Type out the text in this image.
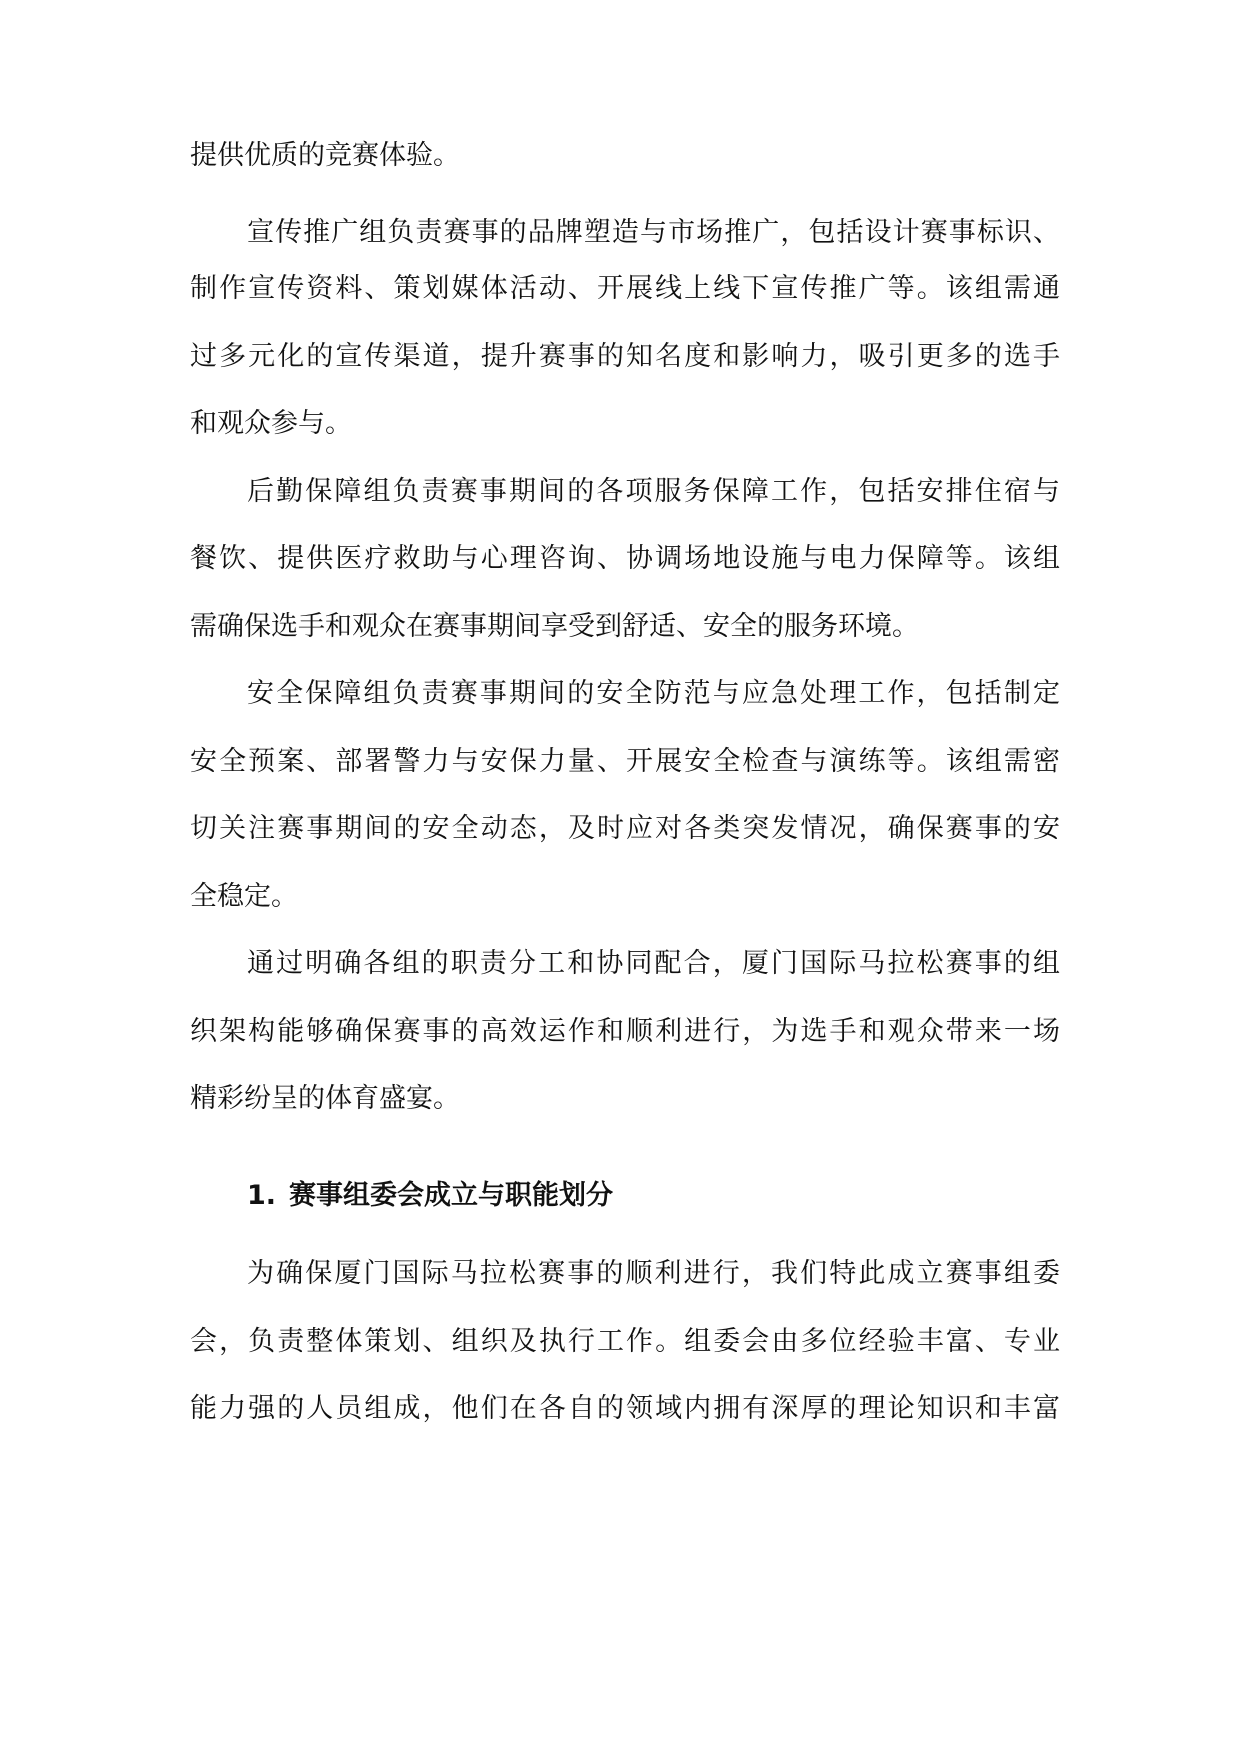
提供优质的竞赛体验。
宣传推广组负责赛事的品牌塑造与市场推广，包括设计赛事标识、
制作宣传资料、策划媒体活动、开展线上线下宣传推广等。该组需通
过多元化的宣传渠道，提升赛事的知名度和影响力，吸引更多的选手
和观众参与。
后勤保障组负责赛事期间的各项服务保障工作，包括安排住宿与
餐饮、提供医疗救助与心理咨询、协调场地设施与电力保障等。该组
需确保选手和观众在赛事期间享受到舒适、安全的服务环境。
安全保障组负责赛事期间的安全防范与应急处理工作，包括制定
安全预案、部署警力与安保力量、开展安全检查与演练等。该组需密
切关注赛事期间的安全动态，及时应对各类突发情况，确保赛事的安
全稳定。
通过明确各组的职责分工和协同配合，厦门国际马拉松赛事的组
织架构能够确保赛事的高效运作和顺利进行，为选手和观众带来一场
精彩纷呈的体育盛宴。
1. 赛事组委会成立与职能划分
为确保厦门国际马拉松赛事的顺利进行，我们特此成立赛事组委
会，负责整体策划、组织及执行工作。组委会由多位经验丰富、专业
能力强的人员组成，他们在各自的领域内拥有深厚的理论知识和丰富
